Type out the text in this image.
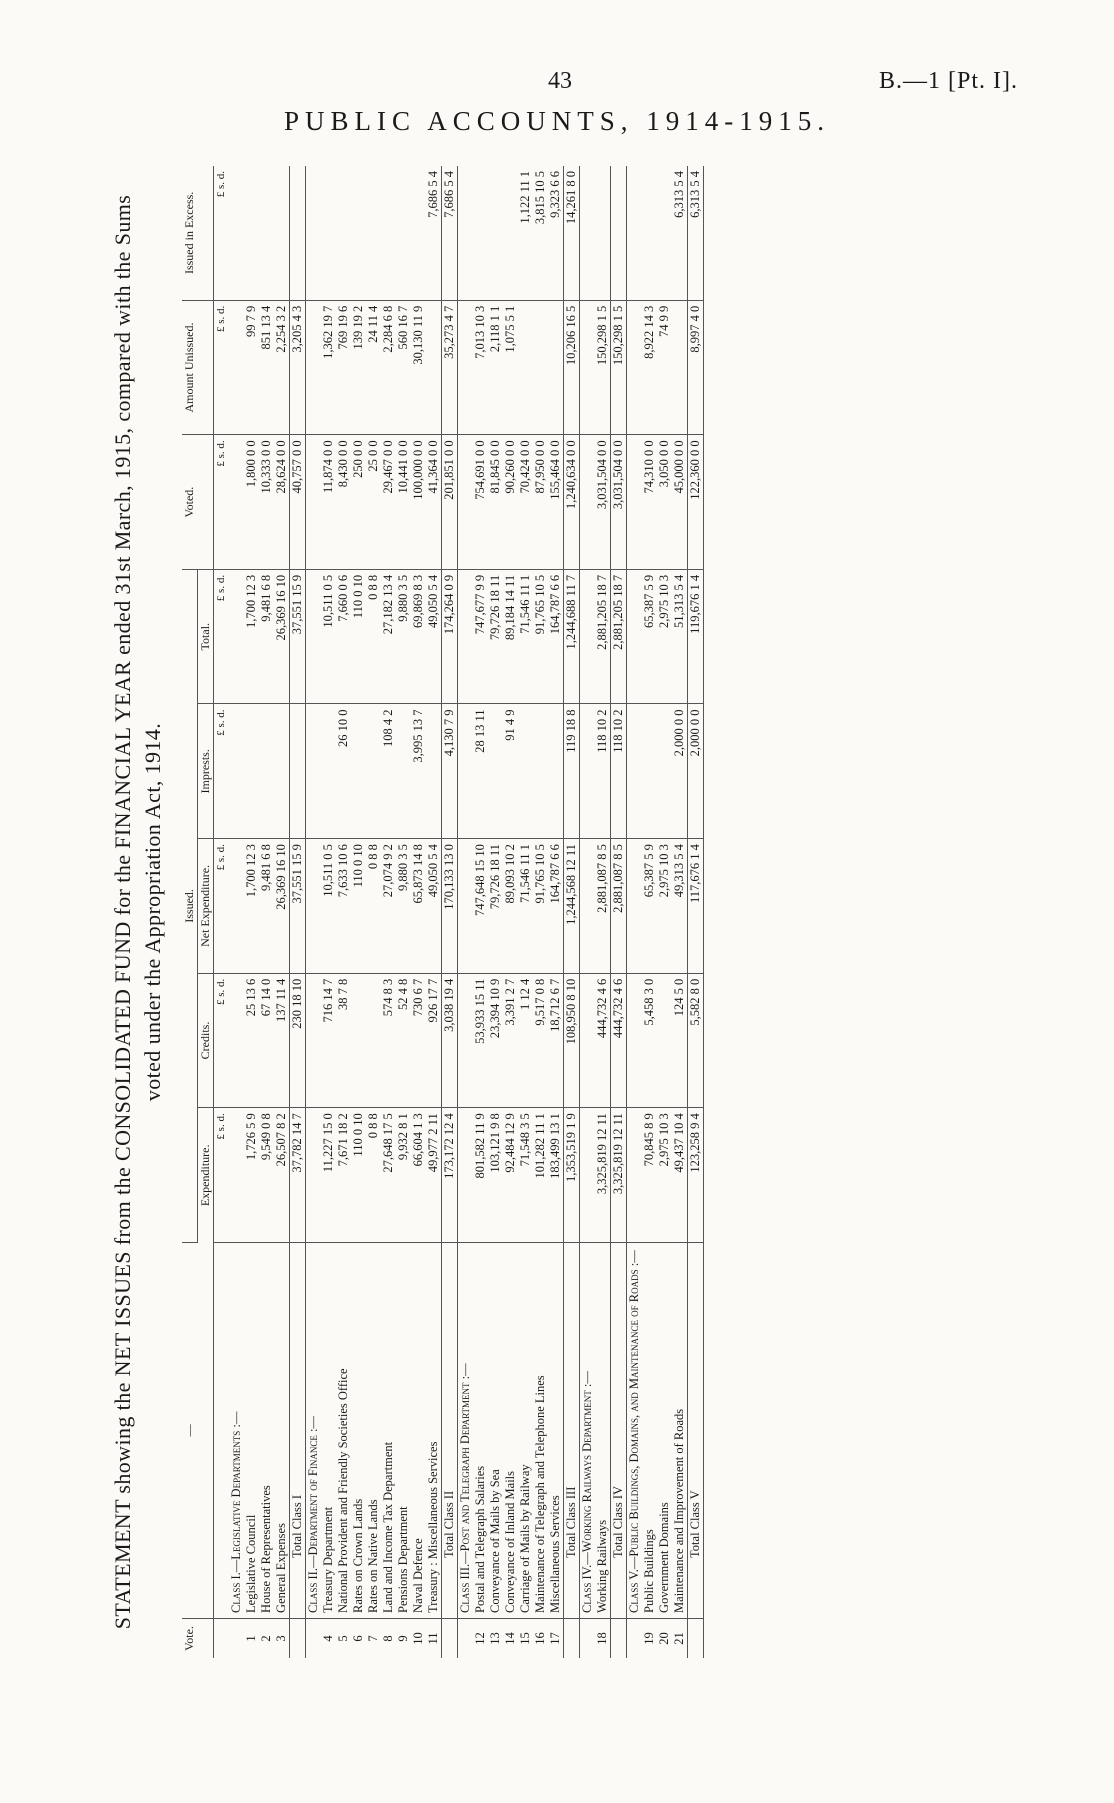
43	B.—1 [Pt. I].
PUBLIC ACCOUNTS, 1914-1915.
STATEMENT showing the NET ISSUES from the CONSOLIDATED FUND for the FINANCIAL YEAR ended 31st March, 1915, compared with the Sums voted under the Appropriation Act, 1914.
Vote.	—	Issued.					Voted.	Amount Unissued.	Issued in Excess.
		Expenditure.	Credits.	Net Expenditure.	Imprests.	Total.			
		£ s. d.	£ s. d.	£ s. d.	£ s. d.	£ s. d.	£ s. d.	£ s. d.	£ s. d.
	Class I.—Legislative Departments :—								
1	Legislative Council	1,726 5 9	25 13 6	1,700 12 3		1,700 12 3	1,800 0 0	99 7 9	
2	House of Representatives	9,549 0 8	67 14 0	9,481 6 8		9,481 6 8	10,333 0 0	851 13 4	
3	General Expenses	26,507 8 2	137 11 4	26,369 16 10		26,369 16 10	28,624 0 0	2,254 3 2	
	Total Class I	37,782 14 7	230 18 10	37,551 15 9		37,551 15 9	40,757 0 0	3,205 4 3	
	Class II.—Department of Finance :—								
4	Treasury Department	11,227 15 0	716 14 7	10,511 0 5		10,511 0 5	11,874 0 0	1,362 19 7	
5	National Provident and Friendly Societies Office	7,671 18 2	38 7 8	7,633 10 6	26 10 0	7,660 0 6	8,430 0 0	769 19 6	
6	Rates on Crown Lands	110 0 10		110 0 10		110 0 10	250 0 0	139 19 2	
7	Rates on Native Lands	0 8 8		0 8 8		0 8 8	25 0 0	24 11 4	
8	Land and Income Tax Department	27,648 17 5	574 8 3	27,074 9 2	108 4 2	27,182 13 4	29,467 0 0	2,284 6 8	
9	Pensions Department	9,932 8 1	52 4 8	9,880 3 5		9,880 3 5	10,441 0 0	560 16 7	
10	Naval Defence	66,604 1 3	730 6 7	65,873 14 8	3,995 13 7	69,869 8 3	100,000 0 0	30,130 11 9	
11	Treasury : Miscellaneous Services	49,977 2 11	926 17 7	49,050 5 4		49,050 5 4	41,364 0 0		7,686 5 4
	Total Class II	173,172 12 4	3,038 19 4	170,133 13 0	4,130 7 9	174,264 0 9	201,851 0 0	35,273 4 7	7,686 5 4
	Class III.—Post and Telegraph Department :—								
12	Postal and Telegraph Salaries	801,582 11 9	53,933 15 11	747,648 15 10	28 13 11	747,677 9 9	754,691 0 0	7,013 10 3	
13	Conveyance of Mails by Sea	103,121 9 8	23,394 10 9	79,726 18 11		79,726 18 11	81,845 0 0	2,118 1 1	
14	Conveyance of Inland Mails	92,484 12 9	3,391 2 7	89,093 10 2	91 4 9	89,184 14 11	90,260 0 0	1,075 5 1	
15	Carriage of Mails by Railway	71,548 3 5	1 12 4	71,546 11 1		71,546 11 1	70,424 0 0		1,122 11 1
16	Maintenance of Telegraph and Telephone Lines	101,282 11 1	9,517 0 8	91,765 10 5		91,765 10 5	87,950 0 0		3,815 10 5
17	Miscellaneous Services	183,499 13 1	18,712 6 7	164,787 6 6		164,787 6 6	155,464 0 0		9,323 6 6
	Total Class III	1,353,519 1 9	108,950 8 10	1,244,568 12 11	119 18 8	1,244,688 11 7	1,240,634 0 0	10,206 16 5	14,261 8 0
	Class IV.—Working Railways Department :—								
18	Working Railways	3,325,819 12 11	444,732 4 6	2,881,087 8 5	118 10 2	2,881,205 18 7	3,031,504 0 0	150,298 1 5	
	Total Class IV	3,325,819 12 11	444,732 4 6	2,881,087 8 5	118 10 2	2,881,205 18 7	3,031,504 0 0	150,298 1 5	
	Class V.—Public Buildings, Domains, and Maintenance of Roads :—								
19	Public Buildings	70,845 8 9	5,458 3 0	65,387 5 9		65,387 5 9	74,310 0 0	8,922 14 3	
20	Government Domains	2,975 10 3		2,975 10 3		2,975 10 3	3,050 0 0	74 9 9	
21	Maintenance and Improvement of Roads	49,437 10 4	124 5 0	49,313 5 4	2,000 0 0	51,313 5 4	45,000 0 0		6,313 5 4
	Total Class V	123,258 9 4	5,582 8 0	117,676 1 4	2,000 0 0	119,676 1 4	122,360 0 0	8,997 4 0	6,313 5 4
